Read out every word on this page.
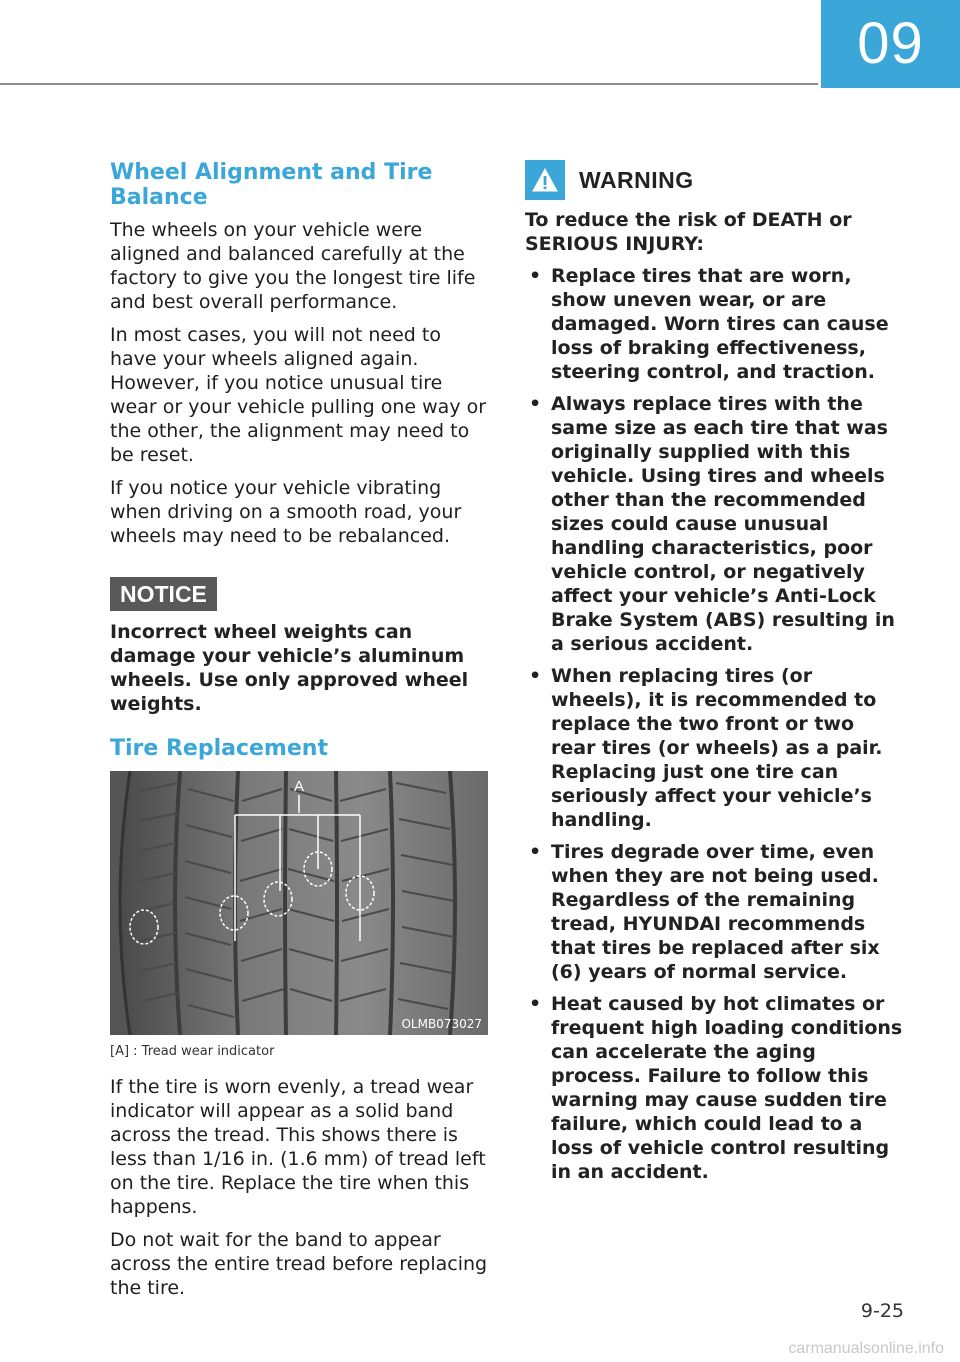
09
Wheel Alignment and Tire Balance

The wheels on your vehicle were aligned and balanced carefully at the factory to give you the longest tire life and best overall performance.

In most cases, you will not need to have your wheels aligned again. However, if you notice unusual tire wear or your vehicle pulling one way or the other, the alignment may need to be reset.

If you notice your vehicle vibrating when driving on a smooth road, your wheels may need to be rebalanced.

NOTICE

Incorrect wheel weights can damage your vehicle’s aluminum wheels. Use only approved wheel weights.

Tire Replacement
A
OLMB073027

[A] : Tread wear indicator

If the tire is worn evenly, a tread wear indicator will appear as a solid band across the tread. This shows there is less than 1/16 in. (1.6 mm) of tread left on the tire. Replace the tire when this happens.

Do not wait for the band to appear across the entire tread before replacing the tire.

WARNING

To reduce the risk of DEATH or SERIOUS INJURY:

• Replace tires that are worn, show uneven wear, or are damaged. Worn tires can cause loss of braking effectiveness, steering control, and traction.
• Always replace tires with the same size as each tire that was originally supplied with this vehicle. Using tires and wheels other than the recommended sizes could cause unusual handling characteristics, poor vehicle control, or negatively affect your vehicle’s Anti-Lock Brake System (ABS) resulting in a serious accident.
• When replacing tires (or wheels), it is recommended to replace the two front or two rear tires (or wheels) as a pair. Replacing just one tire can seriously affect your vehicle’s handling.
• Tires degrade over time, even when they are not being used. Regardless of the remaining tread, HYUNDAI recommends that tires be replaced after six (6) years of normal service.
• Heat caused by hot climates or frequent high loading conditions can accelerate the aging process. Failure to follow this warning may cause sudden tire failure, which could lead to a loss of vehicle control resulting in an accident.
9-25
carmanualsonline.info
